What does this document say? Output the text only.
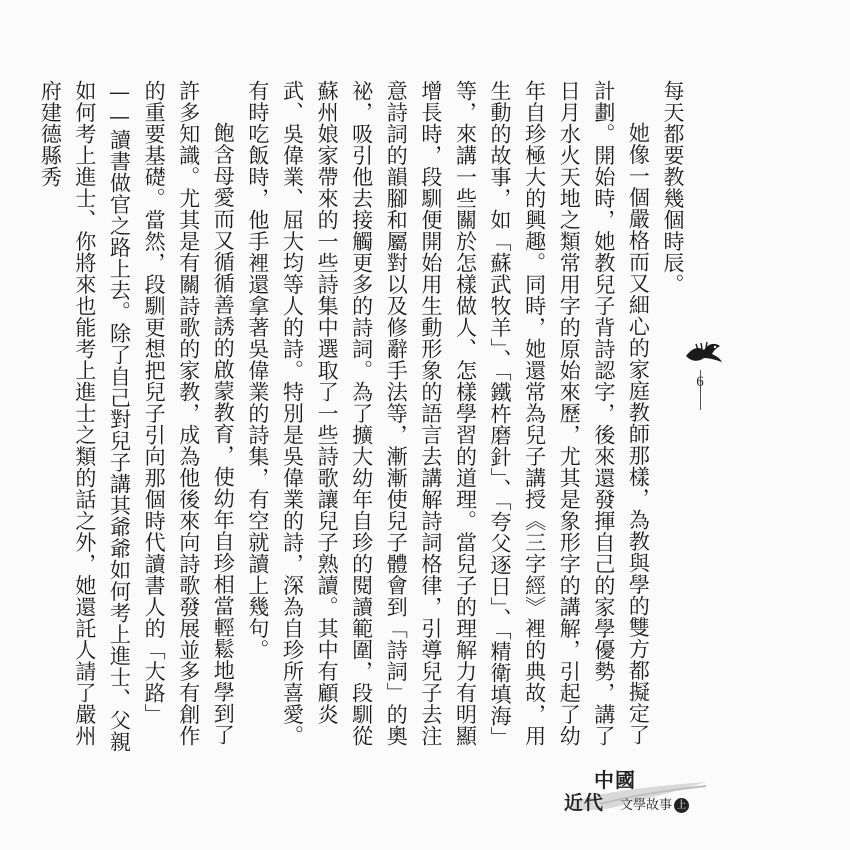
每天都要教幾個時辰。

她像一個嚴格而又細心的家庭教師那樣，為教與學的雙方都擬定了計劃。開始時，她教兒子背詩認字，後來還發揮自己的家學優勢，講了日月水火天地之類常用字的原始來歷，尤其是象形字的講解，引起了幼年自珍極大的興趣。同時，她還常為兒子講授《三字經》裡的典故，用生動的故事，如「蘇武牧羊」、「鐵杵磨針」、「夸父逐日」、「精衛填海」等，來講一些關於怎樣做人、怎樣學習的道理。當兒子的理解力有明顯增長時，段馴便開始用生動形象的語言去講解詩詞格律，引導兒子去注意詩詞的韻腳和屬對以及修辭手法等，漸漸使兒子體會到「詩詞」的奧祕，吸引他去接觸更多的詩詞。為了擴大幼年自珍的閱讀範圍，段馴從蘇州娘家帶來的一些詩集中選取了一些詩歌讓兒子熟讀。其中有顧炎武、吳偉業、屈大均等人的詩。特別是吳偉業的詩，深為自珍所喜愛。有時吃飯時，他手裡還拿著吳偉業的詩集，有空就讀上幾句。

飽含母愛而又循循善誘的啟蒙教育，使幼年自珍相當輕鬆地學到了許多知識。尤其是有關詩歌的家教，成為他後來向詩歌發展並多有創作的重要基礎。當然，段馴更想把兒子引向那個時代讀書人的「大路」——讀書做官之路上去。除了自己對兒子講其爺爺如何考上進士、父親如何考上進士、你將來也能考上進士之類的話之外，她還託人請了嚴州府建德縣秀

6
中國
近代 文學故事 上
